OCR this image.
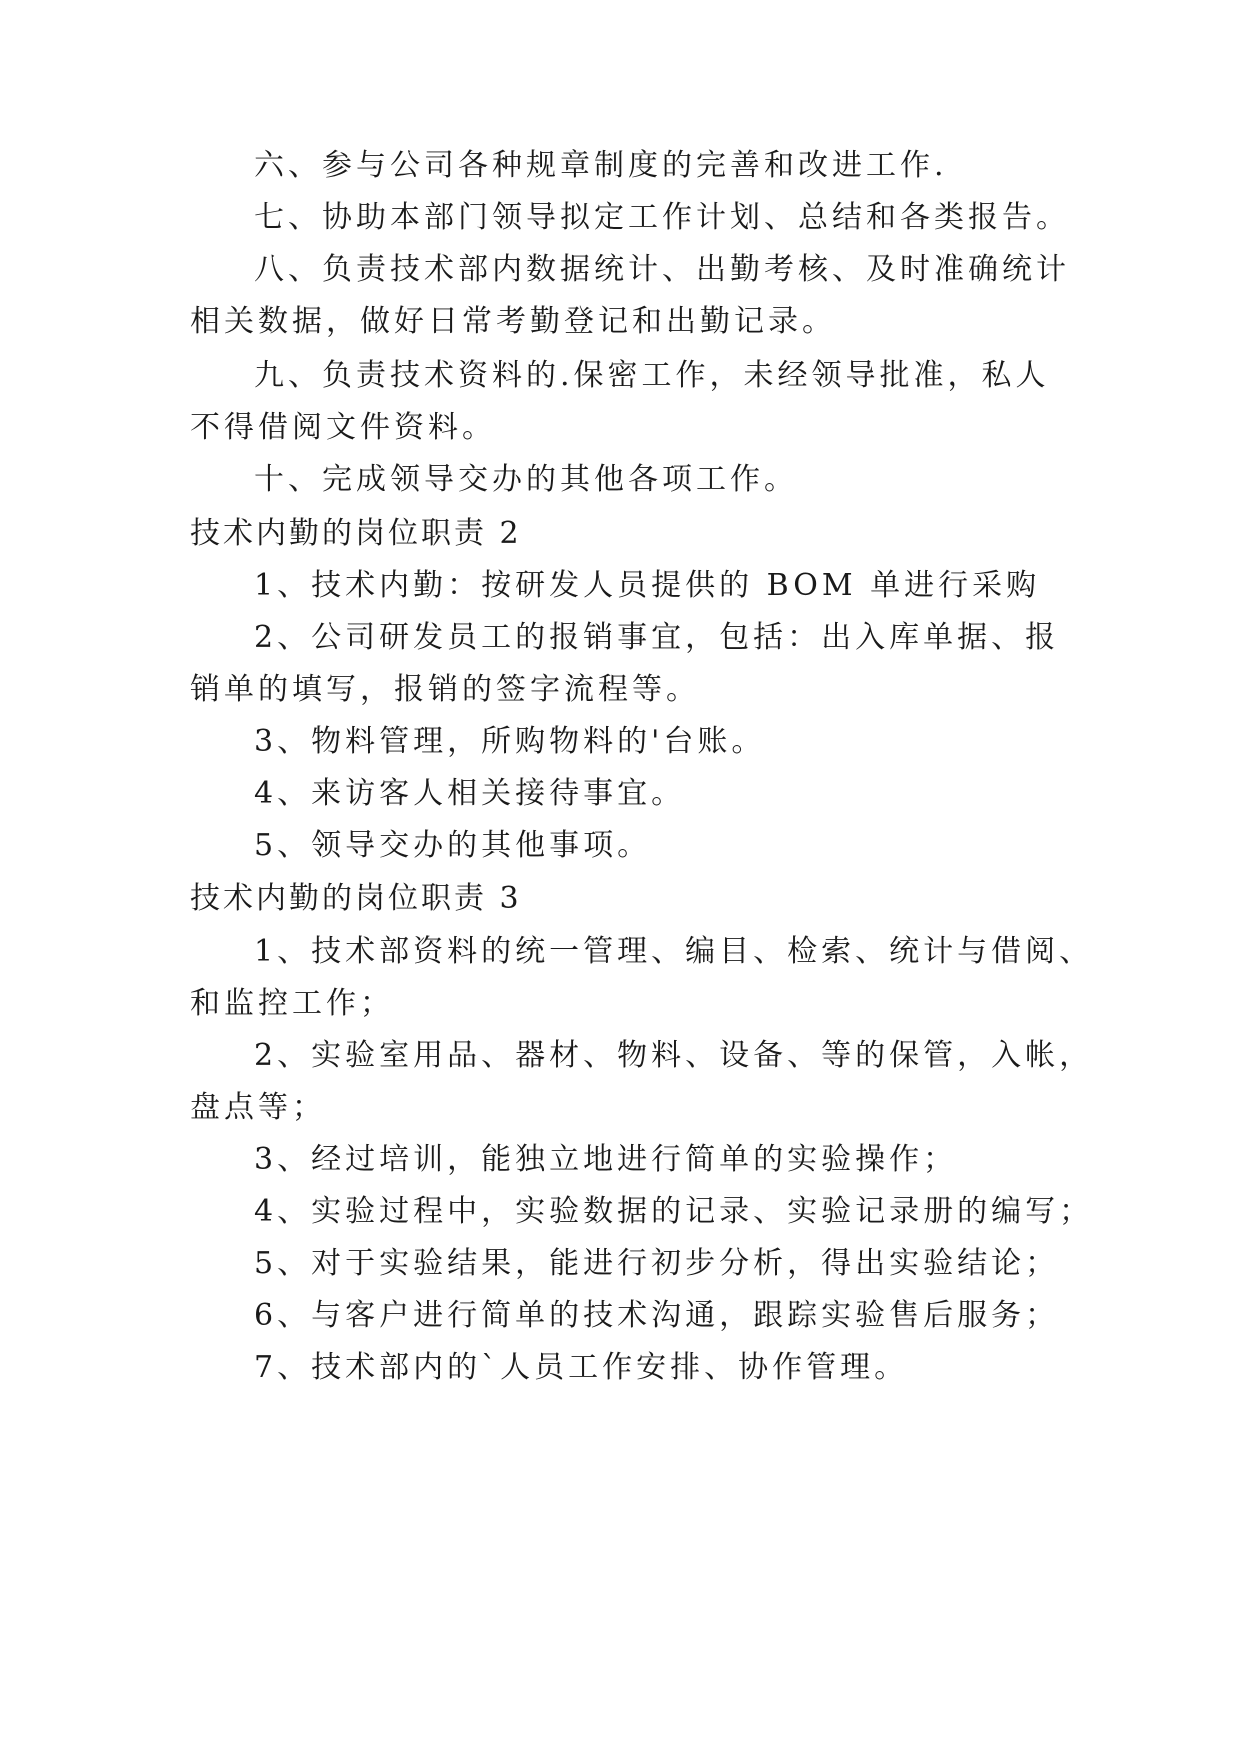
六、参与公司各种规章制度的完善和改进工作.
七、协助本部门领导拟定工作计划、总结和各类报告。
八、负责技术部内数据统计、出勤考核、及时准确统计
相关数据，做好日常考勤登记和出勤记录。
九、负责技术资料的.保密工作，未经领导批准，私人
不得借阅文件资料。
十、完成领导交办的其他各项工作。
技术内勤的岗位职责 2
1、技术内勤：按研发人员提供的 BOM 单进行采购
2、公司研发员工的报销事宜，包括：出入库单据、报
销单的填写，报销的签字流程等。
3、物料管理，所购物料的'台账。
4、来访客人相关接待事宜。
5、领导交办的其他事项。
技术内勤的岗位职责 3
1、技术部资料的统一管理、编目、检索、统计与借阅、
和监控工作；
2、实验室用品、器材、物料、设备、等的保管，入帐，
盘点等；
3、经过培训，能独立地进行简单的实验操作；
4、实验过程中，实验数据的记录、实验记录册的编写；
5、对于实验结果，能进行初步分析，得出实验结论；
6、与客户进行简单的技术沟通，跟踪实验售后服务；
7、技术部内的`人员工作安排、协作管理。
